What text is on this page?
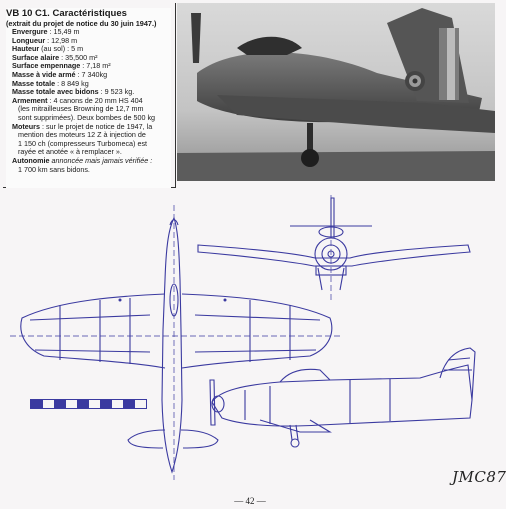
VB 10 C1. Caractéristiques
(extrait du projet de notice du 30 juin 1947.)
Envergure : 15,49 m
Longueur : 12,98 m
Hauteur (au sol) : 5 m
Surface alaire : 35,500 m²
Surface empennage : 7,18 m²
Masse à vide armé : 7 340kg
Masse totale : 8 849 kg
Masse totale avec bidons : 9 523 kg.
Armement : 4 canons de 20 mm HS 404
(les mitrailleuses Browning de 12,7 mm
sont supprimées). Deux bombes de 500 kg
Moteurs : sur le projet de notice de 1947, la
mention des moteurs 12 Z à injection de
1 150 ch (compresseurs Turbomeca) est
rayée et anotée « à remplacer ».
Autonomie annoncée mais jamais vérifiée :
1 700 km sans bidons.
JMC87
— 42 —
